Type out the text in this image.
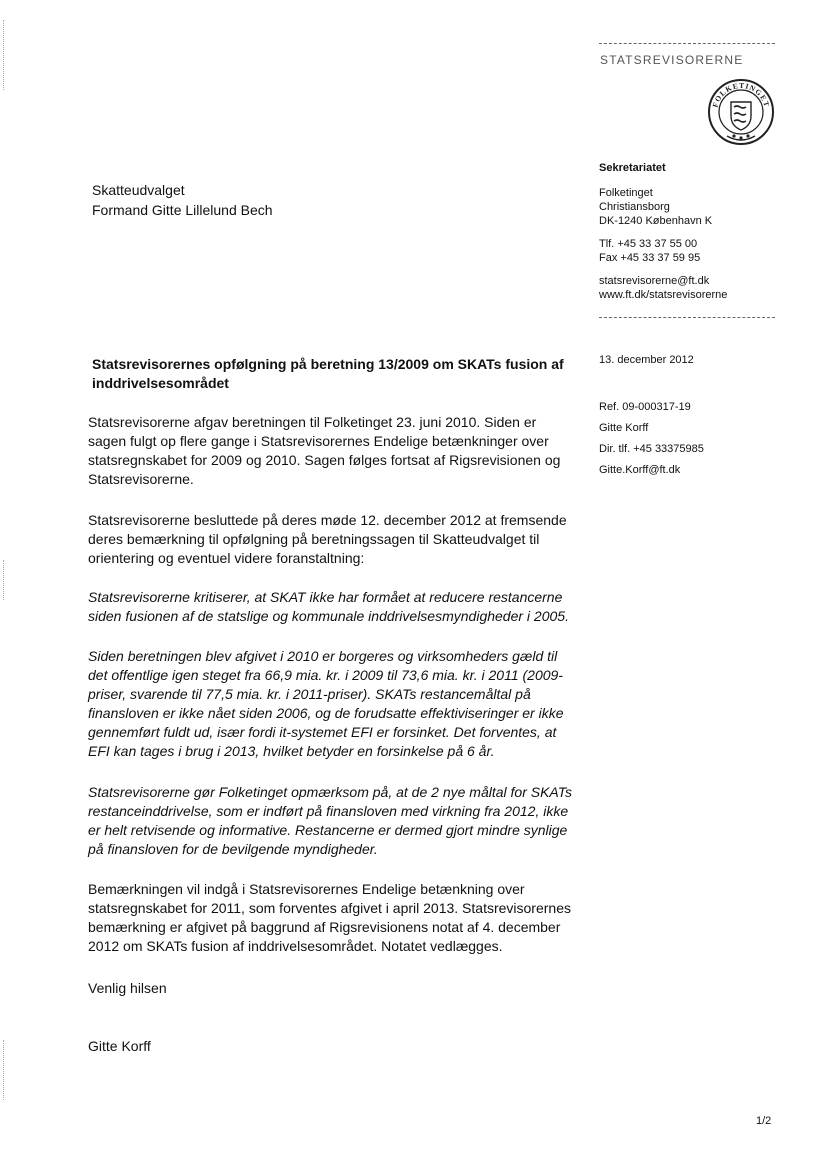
STATSREVISORERNE
FOLKETINGET
Sekretariatet
Folketinget
Christiansborg
DK-1240 København K
Tlf. +45 33 37 55 00
Fax +45 33 37 59 95
statsrevisorerne@ft.dk
www.ft.dk/statsrevisorerne
13. december 2012
Ref. 09-000317-19
Gitte Korff
Dir. tlf. +45 33375985
Gitte.Korff@ft.dk
Skatteudvalget
Formand Gitte Lillelund Bech
Statsrevisorernes opfølgning på beretning 13/2009 om SKATs fusion af inddrivelsesområdet

Statsrevisorerne afgav beretningen til Folketinget 23. juni 2010. Siden er sagen fulgt op flere gange i Statsrevisorernes Endelige betænkninger over statsregnskabet for 2009 og 2010. Sagen følges fortsat af Rigsrevisionen og Statsrevisorerne.

Statsrevisorerne besluttede på deres møde 12. december 2012 at fremsende deres bemærkning til opfølgning på beretningssagen til Skatteudvalget til orientering og eventuel videre foranstaltning:

Statsrevisorerne kritiserer, at SKAT ikke har formået at reducere restancerne siden fusionen af de statslige og kommunale inddrivelsesmyndigheder i 2005.

Siden beretningen blev afgivet i 2010 er borgeres og virksomheders gæld til det offentlige igen steget fra 66,9 mia. kr. i 2009 til 73,6 mia. kr. i 2011 (2009-priser, svarende til 77,5 mia. kr. i 2011-priser). SKATs restancemåltal på finansloven er ikke nået siden 2006, og de forudsatte effektiviseringer er ikke gennemført fuldt ud, især fordi it-systemet EFI er forsinket. Det forventes, at EFI kan tages i brug i 2013, hvilket betyder en forsinkelse på 6 år.

Statsrevisorerne gør Folketinget opmærksom på, at de 2 nye måltal for SKATs restanceinddrivelse, som er indført på finansloven med virkning fra 2012, ikke er helt retvisende og informative. Restancerne er dermed gjort mindre synlige på finansloven for de bevilgende myndigheder.

Bemærkningen vil indgå i Statsrevisorernes Endelige betænkning over statsregnskabet for 2011, som forventes afgivet i april 2013. Statsrevisorernes bemærkning er afgivet på baggrund af Rigsrevisionens notat af 4. december 2012 om SKATs fusion af inddrivelsesområdet. Notatet vedlægges.

Venlig hilsen

Gitte Korff

1/2
